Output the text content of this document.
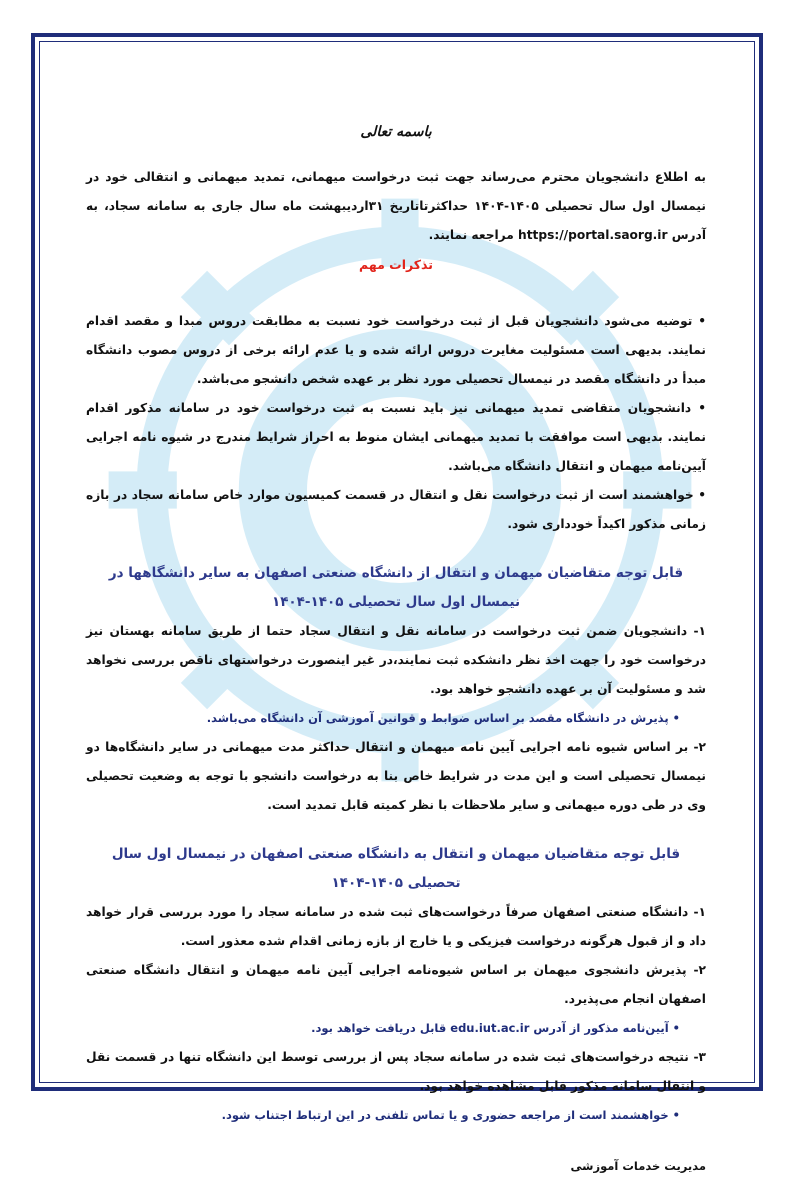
باسمه تعالی

به اطلاع دانشجویان محترم می‌رساند جهت ثبت درخواست میهمانی، تمدید میهمانی و انتقالی خود در نیمسال اول سال تحصیلی ۱۴۰۵-۱۴۰۴ حداکثرتاتاریخ ۳۱اردیبهشت ماه سال جاری به سامانه سجاد، به آدرس https://portal.saorg.ir مراجعه نمایند.

تذکرات مهم

• توضیه می‌شود دانشجویان قبل از ثبت درخواست خود نسبت به مطابقت دروس مبدا و مقصد اقدام نمایند. بدیهی است مسئولیت مغایرت دروس ارائه شده و یا عدم ارائه برخی از دروس مصوب دانشگاه مبدأ در دانشگاه مقصد در نیمسال تحصیلی مورد نظر بر عهده شخص دانشجو می‌باشد.

• دانشجویان متقاضی تمدید میهمانی نیز باید نسبت به ثبت درخواست خود در سامانه مذکور اقدام نمایند. بدیهی است موافقت با تمدید میهمانی ایشان منوط به احراز شرایط مندرج در شیوه نامه اجرایی آیین‌نامه میهمان و انتقال دانشگاه می‌باشد.

• خواهشمند است از ثبت درخواست نقل و انتقال در قسمت کمیسیون موارد خاص سامانه سجاد در بازه زمانی مذکور اکیداً خودداری شود.

قابل توجه متقاضیان میهمان و انتقال از دانشگاه صنعتی اصفهان به سایر دانشگاهها در نیمسال اول سال تحصیلی ۱۴۰۵-۱۴۰۴

۱- دانشجویان ضمن ثبت درخواست در سامانه نقل و انتقال سجاد حتما از طریق سامانه بهستان نیز درخواست خود را جهت اخذ نظر دانشکده ثبت نمایند،در غیر اینصورت درخواستهای ناقص بررسی نخواهد شد و مسئولیت آن بر عهده دانشجو خواهد بود.

• پذیرش در دانشگاه مقصد بر اساس ضوابط و قوانین آموزشی آن دانشگاه می‌باشد.

۲- بر اساس شیوه نامه اجرایی آیین نامه میهمان و انتقال حداکثر مدت میهمانی در سایر دانشگاه‌ها دو نیمسال تحصیلی است و این مدت در شرایط خاص بنا به درخواست دانشجو با توجه به وضعیت تحصیلی وی در طی دوره میهمانی و سایر ملاحظات با نظر کمیته قابل تمدید است.

قابل توجه متقاضیان میهمان و انتقال به دانشگاه صنعتی اصفهان در نیمسال اول سال تحصیلی ۱۴۰۵-۱۴۰۴

۱- دانشگاه صنعتی اصفهان صرفاً درخواست‌های ثبت شده در سامانه سجاد را مورد بررسی قرار خواهد داد و از قبول هرگونه درخواست فیزیکی و یا خارج از بازه زمانی اقدام شده معذور است.

۲- پذیرش دانشجوی میهمان بر اساس شیوه‌نامه اجرایی آیین نامه میهمان و انتقال دانشگاه صنعتی اصفهان انجام می‌پذیرد.

• آیین‌نامه مذکور از آدرس edu.iut.ac.ir قابل دریافت خواهد بود.

۳- نتیجه درخواست‌های ثبت شده در سامانه سجاد پس از بررسی توسط این دانشگاه تنها در قسمت نقل و انتقال سامانه مذکور قابل مشاهده خواهد بود.

• خواهشمند است از مراجعه حضوری و یا تماس تلفنی در این ارتباط اجتناب شود.

مدیریت خدمات آموزشی
